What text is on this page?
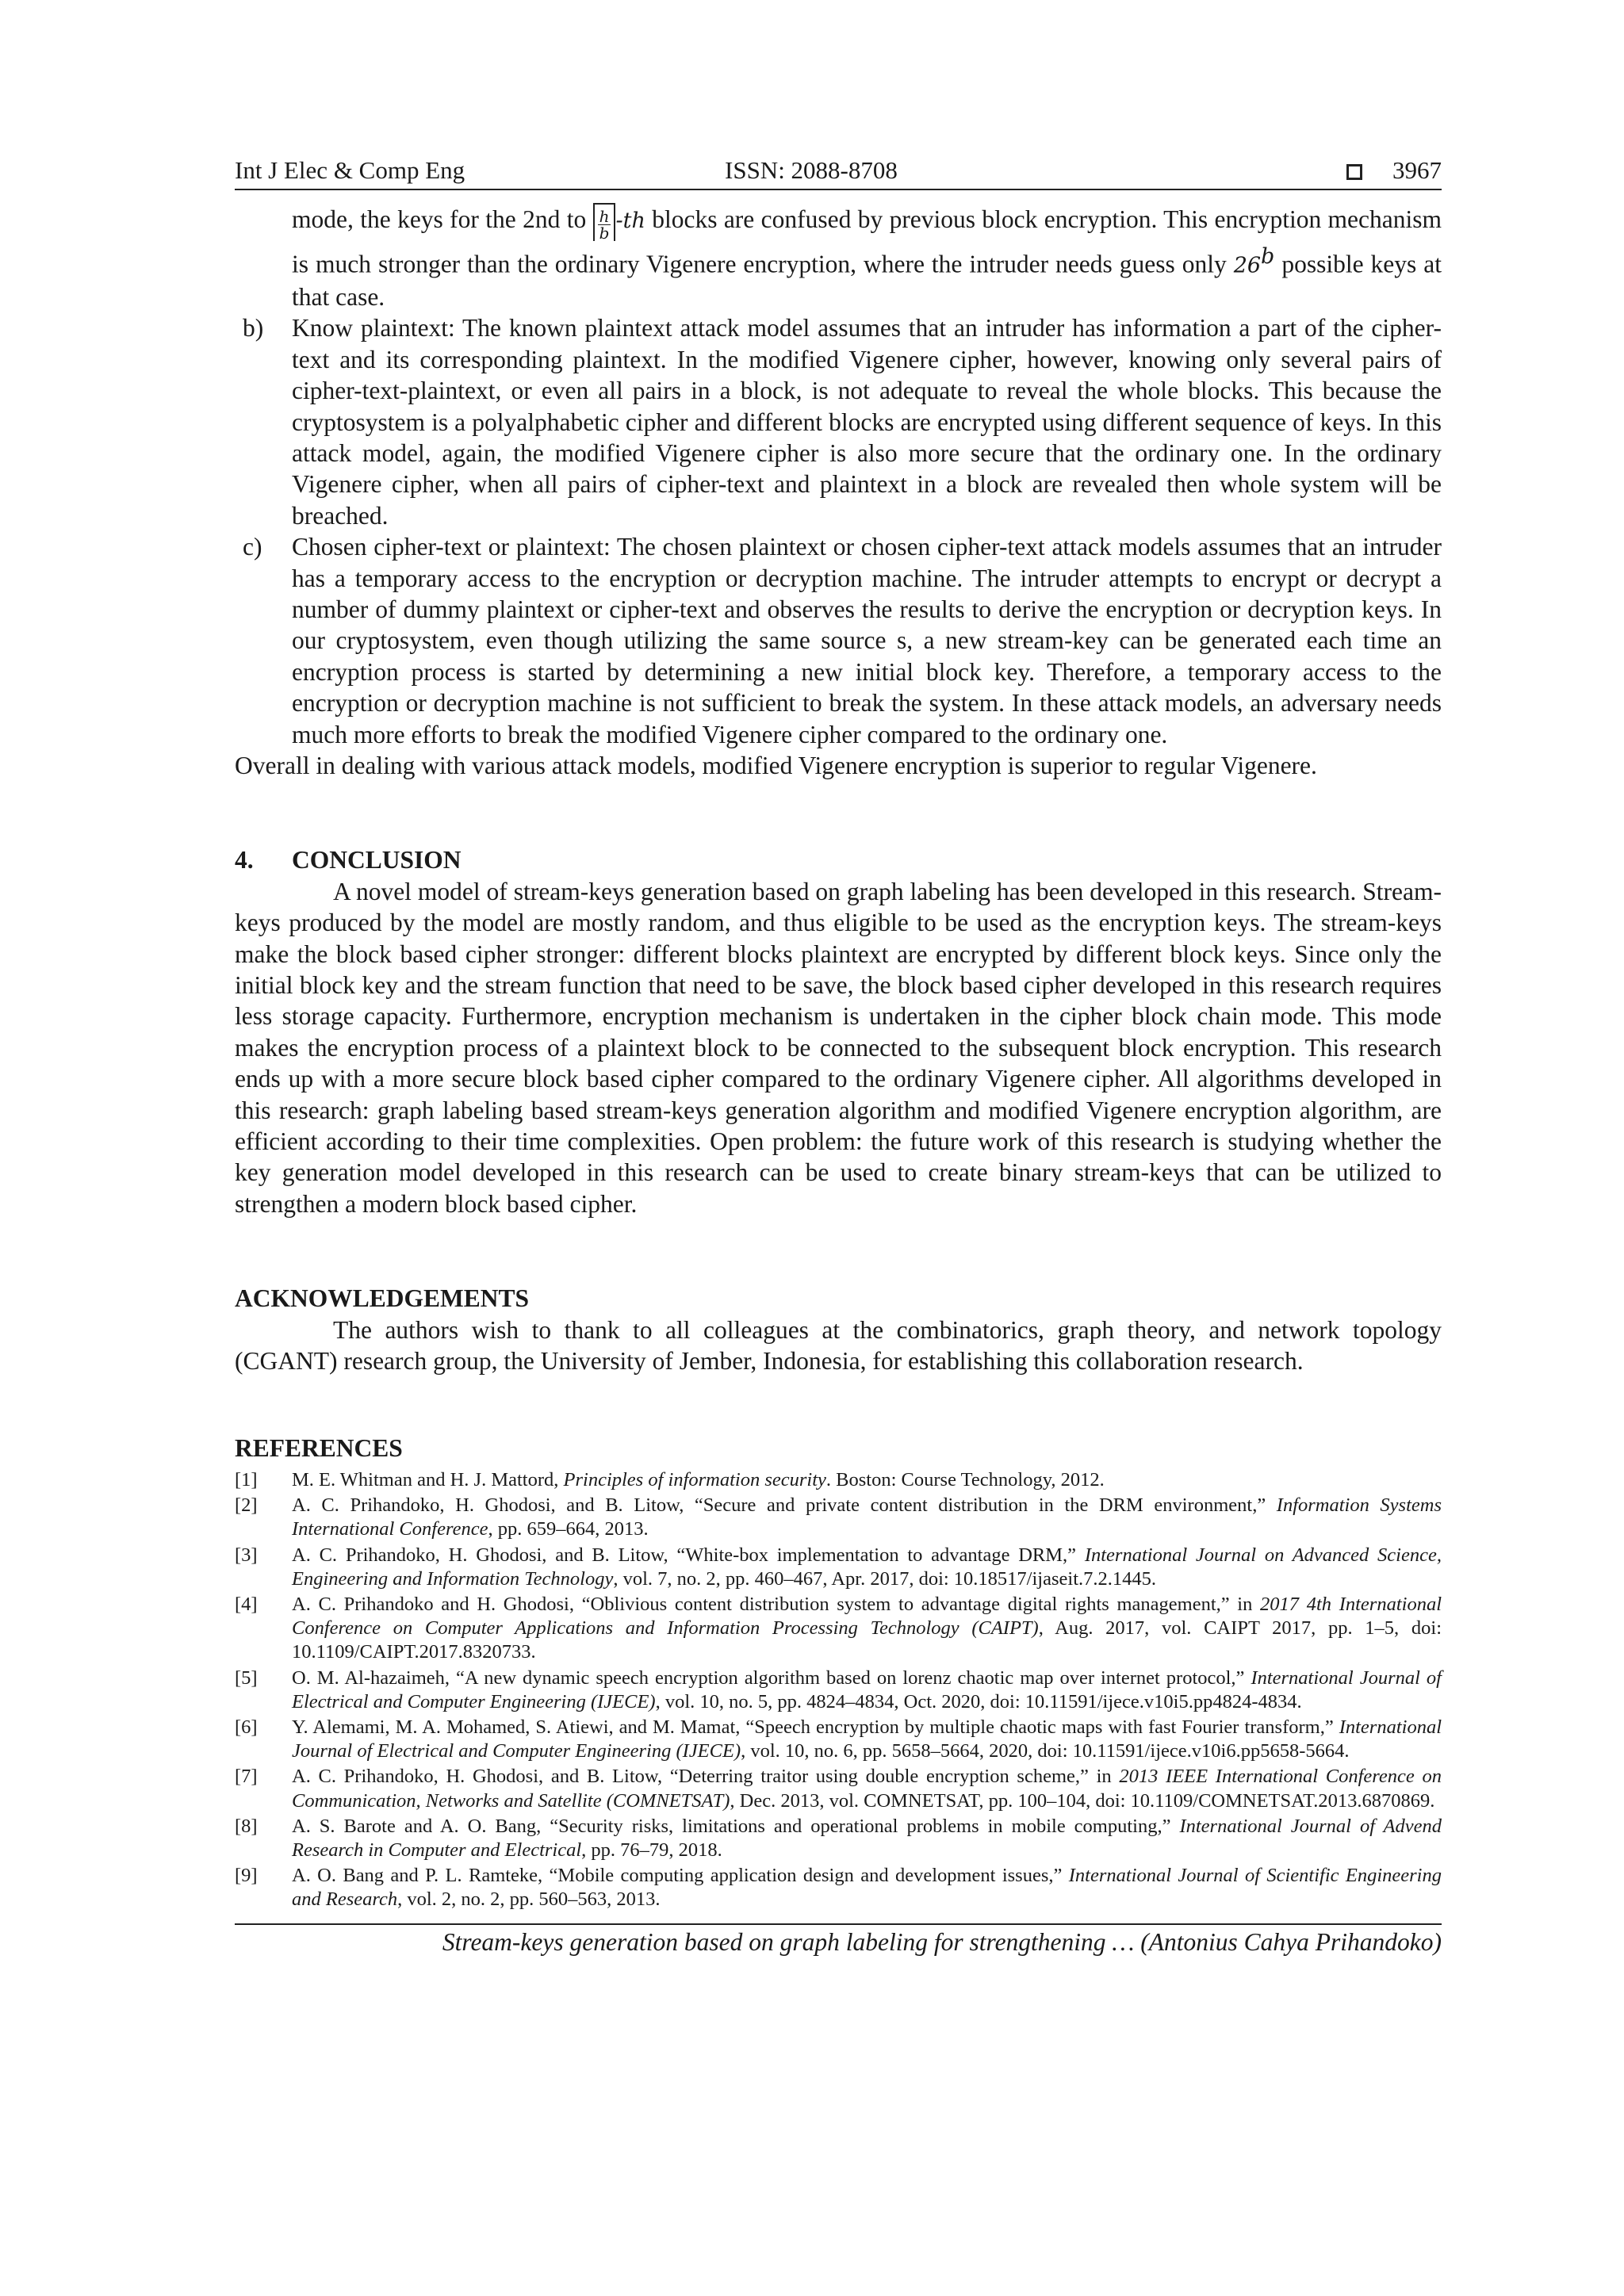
Int J Elec & Comp Eng	ISSN: 2088-8708	3967
mode, the keys for the 2nd to $\frac{h}{b} -th$ blocks are confused by previous block encryption. This encryption mechanism is much stronger than the ordinary Vigenere encryption, where the intruder needs guess only 26$^b$ possible keys at that case.
b) Know plaintext: The known plaintext attack model assumes that an intruder has information a part of the cipher-text and its corresponding plaintext. In the modified Vigenere cipher, however, knowing only several pairs of cipher-text-plaintext, or even all pairs in a block, is not adequate to reveal the whole blocks. This because the cryptosystem is a polyalphabetic cipher and different blocks are encrypted using different sequence of keys. In this attack model, again, the modified Vigenere cipher is also more secure that the ordinary one. In the ordinary Vigenere cipher, when all pairs of cipher-text and plaintext in a block are revealed then whole system will be breached.
c) Chosen cipher-text or plaintext: The chosen plaintext or chosen cipher-text attack models assumes that an intruder has a temporary access to the encryption or decryption machine. The intruder attempts to encrypt or decrypt a number of dummy plaintext or cipher-text and observes the results to derive the encryption or decryption keys. In our cryptosystem, even though utilizing the same source s, a new stream-key can be generated each time an encryption process is started by determining a new initial block key. Therefore, a temporary access to the encryption or decryption machine is not sufficient to break the system. In these attack models, an adversary needs much more efforts to break the modified Vigenere cipher compared to the ordinary one.
Overall in dealing with various attack models, modified Vigenere encryption is superior to regular Vigenere.
4. CONCLUSION
A novel model of stream-keys generation based on graph labeling has been developed in this research. Stream-keys produced by the model are mostly random, and thus eligible to be used as the encryption keys. The stream-keys make the block based cipher stronger: different blocks plaintext are encrypted by different block keys. Since only the initial block key and the stream function that need to be save, the block based cipher developed in this research requires less storage capacity. Furthermore, encryption mechanism is undertaken in the cipher block chain mode. This mode makes the encryption process of a plaintext block to be connected to the subsequent block encryption. This research ends up with a more secure block based cipher compared to the ordinary Vigenere cipher. All algorithms developed in this research: graph labeling based stream-keys generation algorithm and modified Vigenere encryption algorithm, are efficient according to their time complexities. Open problem: the future work of this research is studying whether the key generation model developed in this research can be used to create binary stream-keys that can be utilized to strengthen a modern block based cipher.
ACKNOWLEDGEMENTS
The authors wish to thank to all colleagues at the combinatorics, graph theory, and network topology (CGANT) research group, the University of Jember, Indonesia, for establishing this collaboration research.
REFERENCES
[1] M. E. Whitman and H. J. Mattord, Principles of information security. Boston: Course Technology, 2012.
[2] A. C. Prihandoko, H. Ghodosi, and B. Litow, “Secure and private content distribution in the DRM environment,” Information Systems International Conference, pp. 659–664, 2013.
[3] A. C. Prihandoko, H. Ghodosi, and B. Litow, “White-box implementation to advantage DRM,” International Journal on Advanced Science, Engineering and Information Technology, vol. 7, no. 2, pp. 460–467, Apr. 2017, doi: 10.18517/ijaseit.7.2.1445.
[4] A. C. Prihandoko and H. Ghodosi, “Oblivious content distribution system to advantage digital rights management,” in 2017 4th International Conference on Computer Applications and Information Processing Technology (CAIPT), Aug. 2017, vol. CAIPT 2017, pp. 1–5, doi: 10.1109/CAIPT.2017.8320733.
[5] O. M. Al-hazaimeh, “A new dynamic speech encryption algorithm based on lorenz chaotic map over internet protocol,” International Journal of Electrical and Computer Engineering (IJECE), vol. 10, no. 5, pp. 4824–4834, Oct. 2020, doi: 10.11591/ijece.v10i5.pp4824-4834.
[6] Y. Alemami, M. A. Mohamed, S. Atiewi, and M. Mamat, “Speech encryption by multiple chaotic maps with fast Fourier transform,” International Journal of Electrical and Computer Engineering (IJECE), vol. 10, no. 6, pp. 5658–5664, 2020, doi: 10.11591/ijece.v10i6.pp5658-5664.
[7] A. C. Prihandoko, H. Ghodosi, and B. Litow, “Deterring traitor using double encryption scheme,” in 2013 IEEE International Conference on Communication, Networks and Satellite (COMNETSAT), Dec. 2013, vol. COMNETSAT, pp. 100–104, doi: 10.1109/COMNETSAT.2013.6870869.
[8] A. S. Barote and A. O. Bang, “Security risks, limitations and operational problems in mobile computing,” International Journal of Advend Research in Computer and Electrical, pp. 76–79, 2018.
[9] A. O. Bang and P. L. Ramteke, “Mobile computing application design and development issues,” International Journal of Scientific Engineering and Research, vol. 2, no. 2, pp. 560–563, 2013.
Stream-keys generation based on graph labeling for strengthening … (Antonius Cahya Prihandoko)
